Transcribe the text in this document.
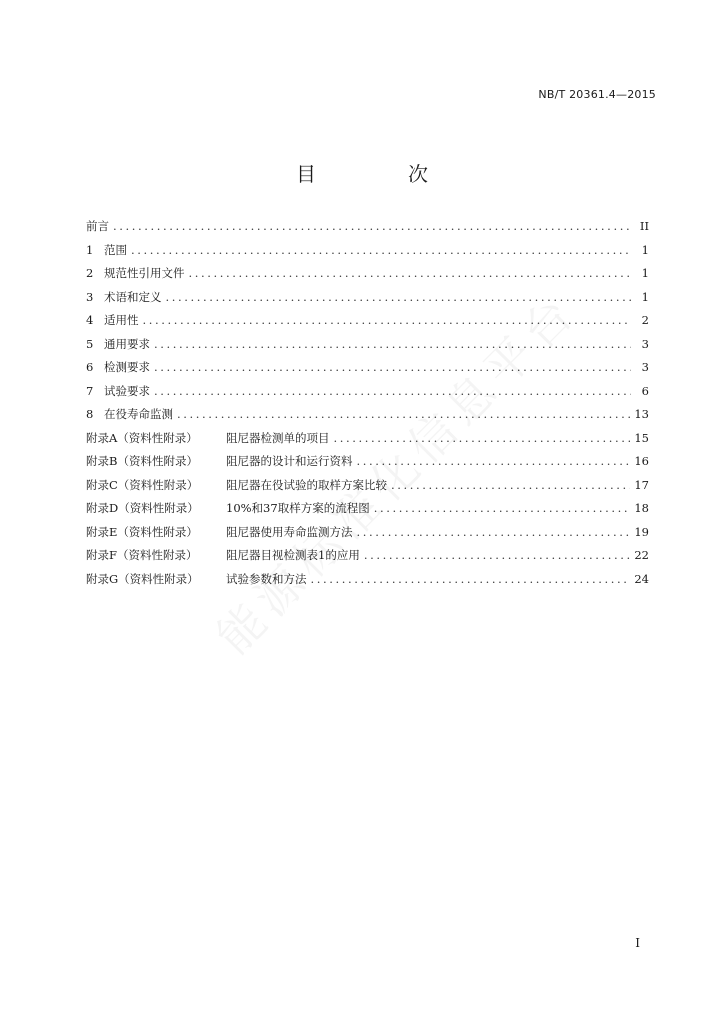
NB/T 20361.4—2015
目　次
前言 .....	II
1 范围 .....	1
2 规范性引用文件 .....	1
3 术语和定义 .....	1
4 适用性 .....	2
5 通用要求 .....	3
6 检测要求 .....	3
7 试验要求 .....	6
8 在役寿命监测 .....	13
附录A（资料性附录） 阻尼器检测单的项目 .....	15
附录B（资料性附录） 阻尼器的设计和运行资料 .....	16
附录C（资料性附录） 阻尼器在役试验的取样方案比较 .....	17
附录D（资料性附录） 10%和37取样方案的流程图 .....	18
附录E（资料性附录） 阻尼器使用寿命监测方法 .....	19
附录F（资料性附录） 阻尼器目视检测表1的应用 .....	22
附录G（资料性附录） 试验参数和方法 .....	24
I
